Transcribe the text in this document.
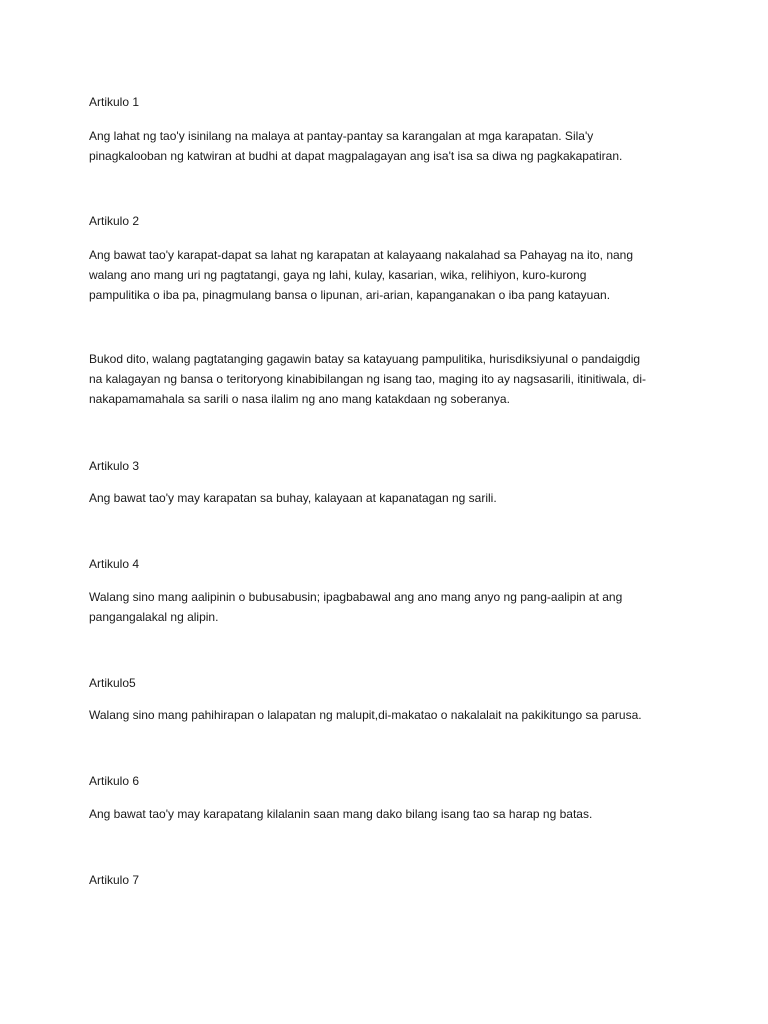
Artikulo 1

Ang lahat ng tao'y isinilang na malaya at pantay-pantay sa karangalan at mga karapatan. Sila'y
pinagkalooban ng katwiran at budhi at dapat magpalagayan ang isa't isa sa diwa ng pagkakapatiran.

Artikulo 2

Ang bawat tao'y karapat-dapat sa lahat ng karapatan at kalayaang nakalahad sa Pahayag na ito, nang
walang ano mang uri ng pagtatangi, gaya ng lahi, kulay, kasarian, wika, relihiyon, kuro-kurong
pampulitika o iba pa, pinagmulang bansa o lipunan, ari-arian, kapanganakan o iba pang katayuan.

Bukod dito, walang pagtatanging gagawin batay sa katayuang pampulitika, hurisdiksiyunal o pandaigdig
na kalagayan ng bansa o teritoryong kinabibilangan ng isang tao, maging ito ay nagsasarili, itinitiwala, di-
nakapamamahala sa sarili o nasa ilalim ng ano mang katakdaan ng soberanya.

Artikulo 3

Ang bawat tao'y may karapatan sa buhay, kalayaan at kapanatagan ng sarili.

Artikulo 4

Walang sino mang aalipinin o bubusabusin; ipagbabawal ang ano mang anyo ng pang-aalipin at ang
pangangalakal ng alipin.

Artikulo5

Walang sino mang pahihirapan o lalapatan ng malupit,di-makatao o nakalalait na pakikitungo sa parusa.

Artikulo 6

Ang bawat tao'y may karapatang kilalanin saan mang dako bilang isang tao sa harap ng batas.

Artikulo 7
